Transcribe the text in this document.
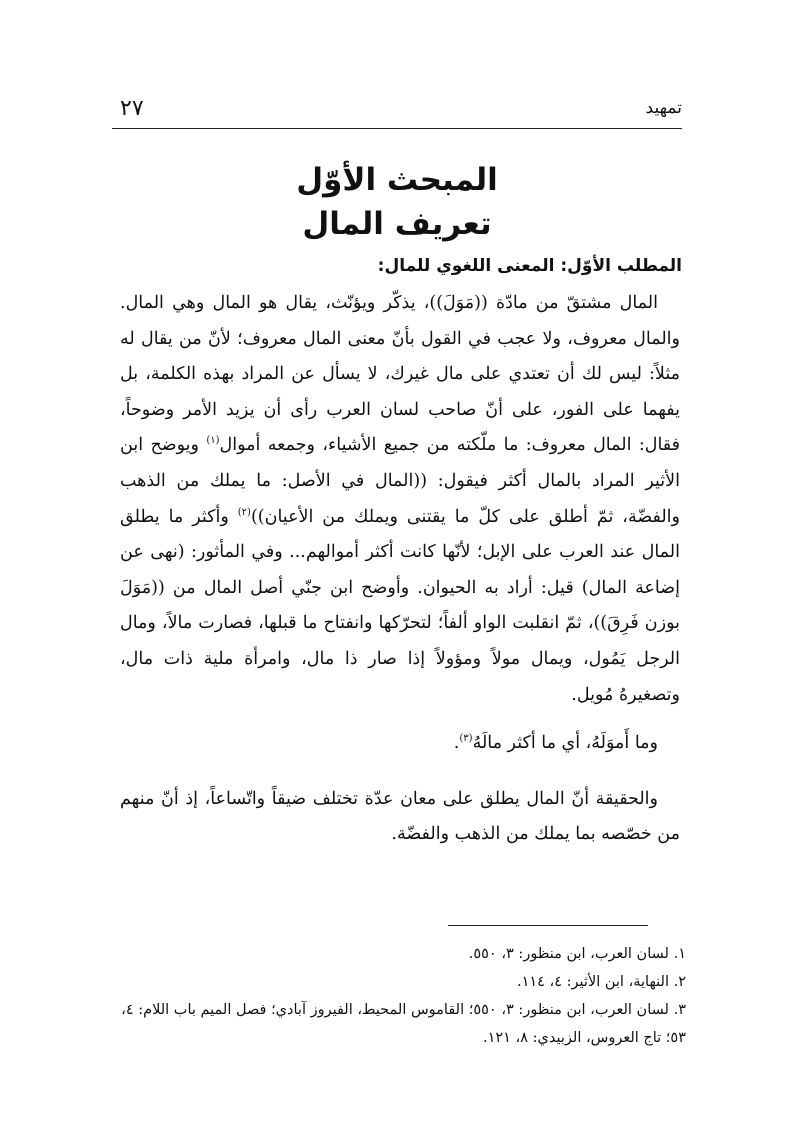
تمهيد
٢٧
المبحث الأوّل
تعريف المال
المطلب الأوّل: المعنى اللغوي للمال:

المال مشتقّ من مادّة ((مَوَلَ))، يذكّر ويؤنّث، يقال هو المال وهي المال. والمال معروف، ولا عجب في القول بأنّ معنى المال معروف؛ لأنّ من يقال له مثلاً: ليس لك أن تعتدي على مال غيرك، لا يسأل عن المراد بهذه الكلمة، بل يفهما على الفور، على أنّ صاحب لسان العرب رأى أن يزيد الأمر وضوحاً، فقال: المال معروف: ما ملّكته من جميع الأشياء، وجمعه أموال$^{(١)}$ ويوضح ابن الأثير المراد بالمال أكثر فيقول: ((المال في الأصل: ما يملك من الذهب والفضّة، ثمّ أطلق على كلّ ما يقتنى ويملك من الأعيان))$^{(٢)}$ وأكثر ما يطلق المال عند العرب على الإبل؛ لأنّها كانت أكثر أموالهم... وفي المأثور: (نهى عن إضاعة المال) قيل: أراد به الحيوان. وأوضح ابن جنّي أصل المال من ((مَوَلَ بوزن فَرِقَ))، ثمّ انقلبت الواو ألفاً؛ لتحرّكها وانفتاح ما قبلها، فصارت مالاً، ومال الرجل يَمُول، ويمال مولاً ومؤولاً إذا صار ذا مال، وامرأة ملية ذات مال، وتصغيرهُ مُويل.

وما أَموَلَهُ، أي ما أكثر مالَهُ$^{(٣)}$.

والحقيقة أنّ المال يطلق على معان عدّة تختلف ضيقاً واتّساعاً، إذ أنّ منهم من خصّصه بما يملك من الذهب والفضّة.

١. لسان العرب، ابن منظور: ٣، ٥٥٠.
٢. النهاية، ابن الأثير: ٤، ١١٤.
٣. لسان العرب، ابن منظور: ٣، ٥٥٠؛ القاموس المحيط، الفيروز آبادي؛ فصل الميم باب اللام: ٤، ٥٣؛ تاج العروس، الزبيدي: ٨، ١٢١.
